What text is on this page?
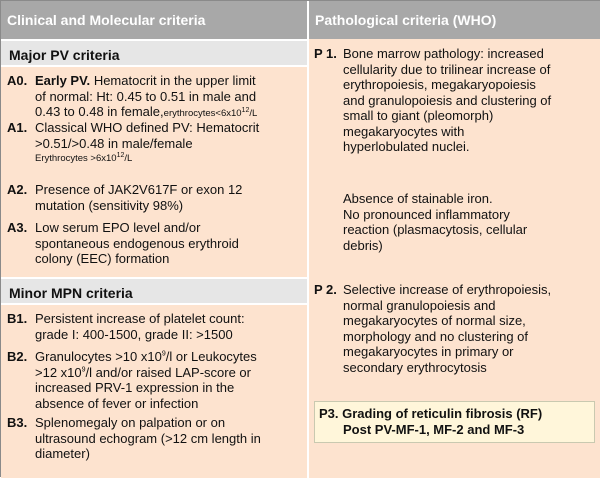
Clinical and Molecular criteria	Pathological criteria (WHO)
Major PV criteria
A0. Early PV. Hematocrit in the upper limit
of normal: Ht: 0.45 to 0.51 in male and
0.43 to 0.48 in $female,erythrocytes<6x10^{12}/L$
A1. Classical WHO defined PV: Hematocrit
>0.51/>0.48 in male/female
Erythrocytes $>6x10^{12}/L$
A2. Presence of JAK2V617F or exon 12
mutation (sensitivity 98%)
A3. Low serum EPO level and/or
spontaneous endogenous erythroid
colony (EEC) formation
Minor MPN criteria
B1. Persistent increase of platelet count:
grade I: 400-1500, grade II: >1500
B2. Granulocytes >10 $x10^9/l$ or Leukocytes
>12 $x10^9/l$ and/or raised LAP-score or
increased PRV-1 expression in the
absence of fever or infection
B3. Splenomegaly on palpation or on
ultrasound echogram (>12 cm length in
diameter)
P 1. Bone marrow pathology: increased
cellularity due to trilinear increase of
erythropoiesis, megakaryopoiesis
and granulopoiesis and clustering of
small to giant (pleomorph)
megakaryocytes with
hyperlobulated nuclei.
Absence of stainable iron.
No pronounced inflammatory
reaction (plasmacytosis, cellular
debris)
P 2. Selective increase of erythropoiesis,
normal granulopoiesis and
megakaryocytes of normal size,
morphology and no clustering of
megakaryocytes in primary or
secondary erythrocytosis
P3. Grading of reticulin fibrosis (RF)
Post PV-MF-1, MF-2 and MF-3
